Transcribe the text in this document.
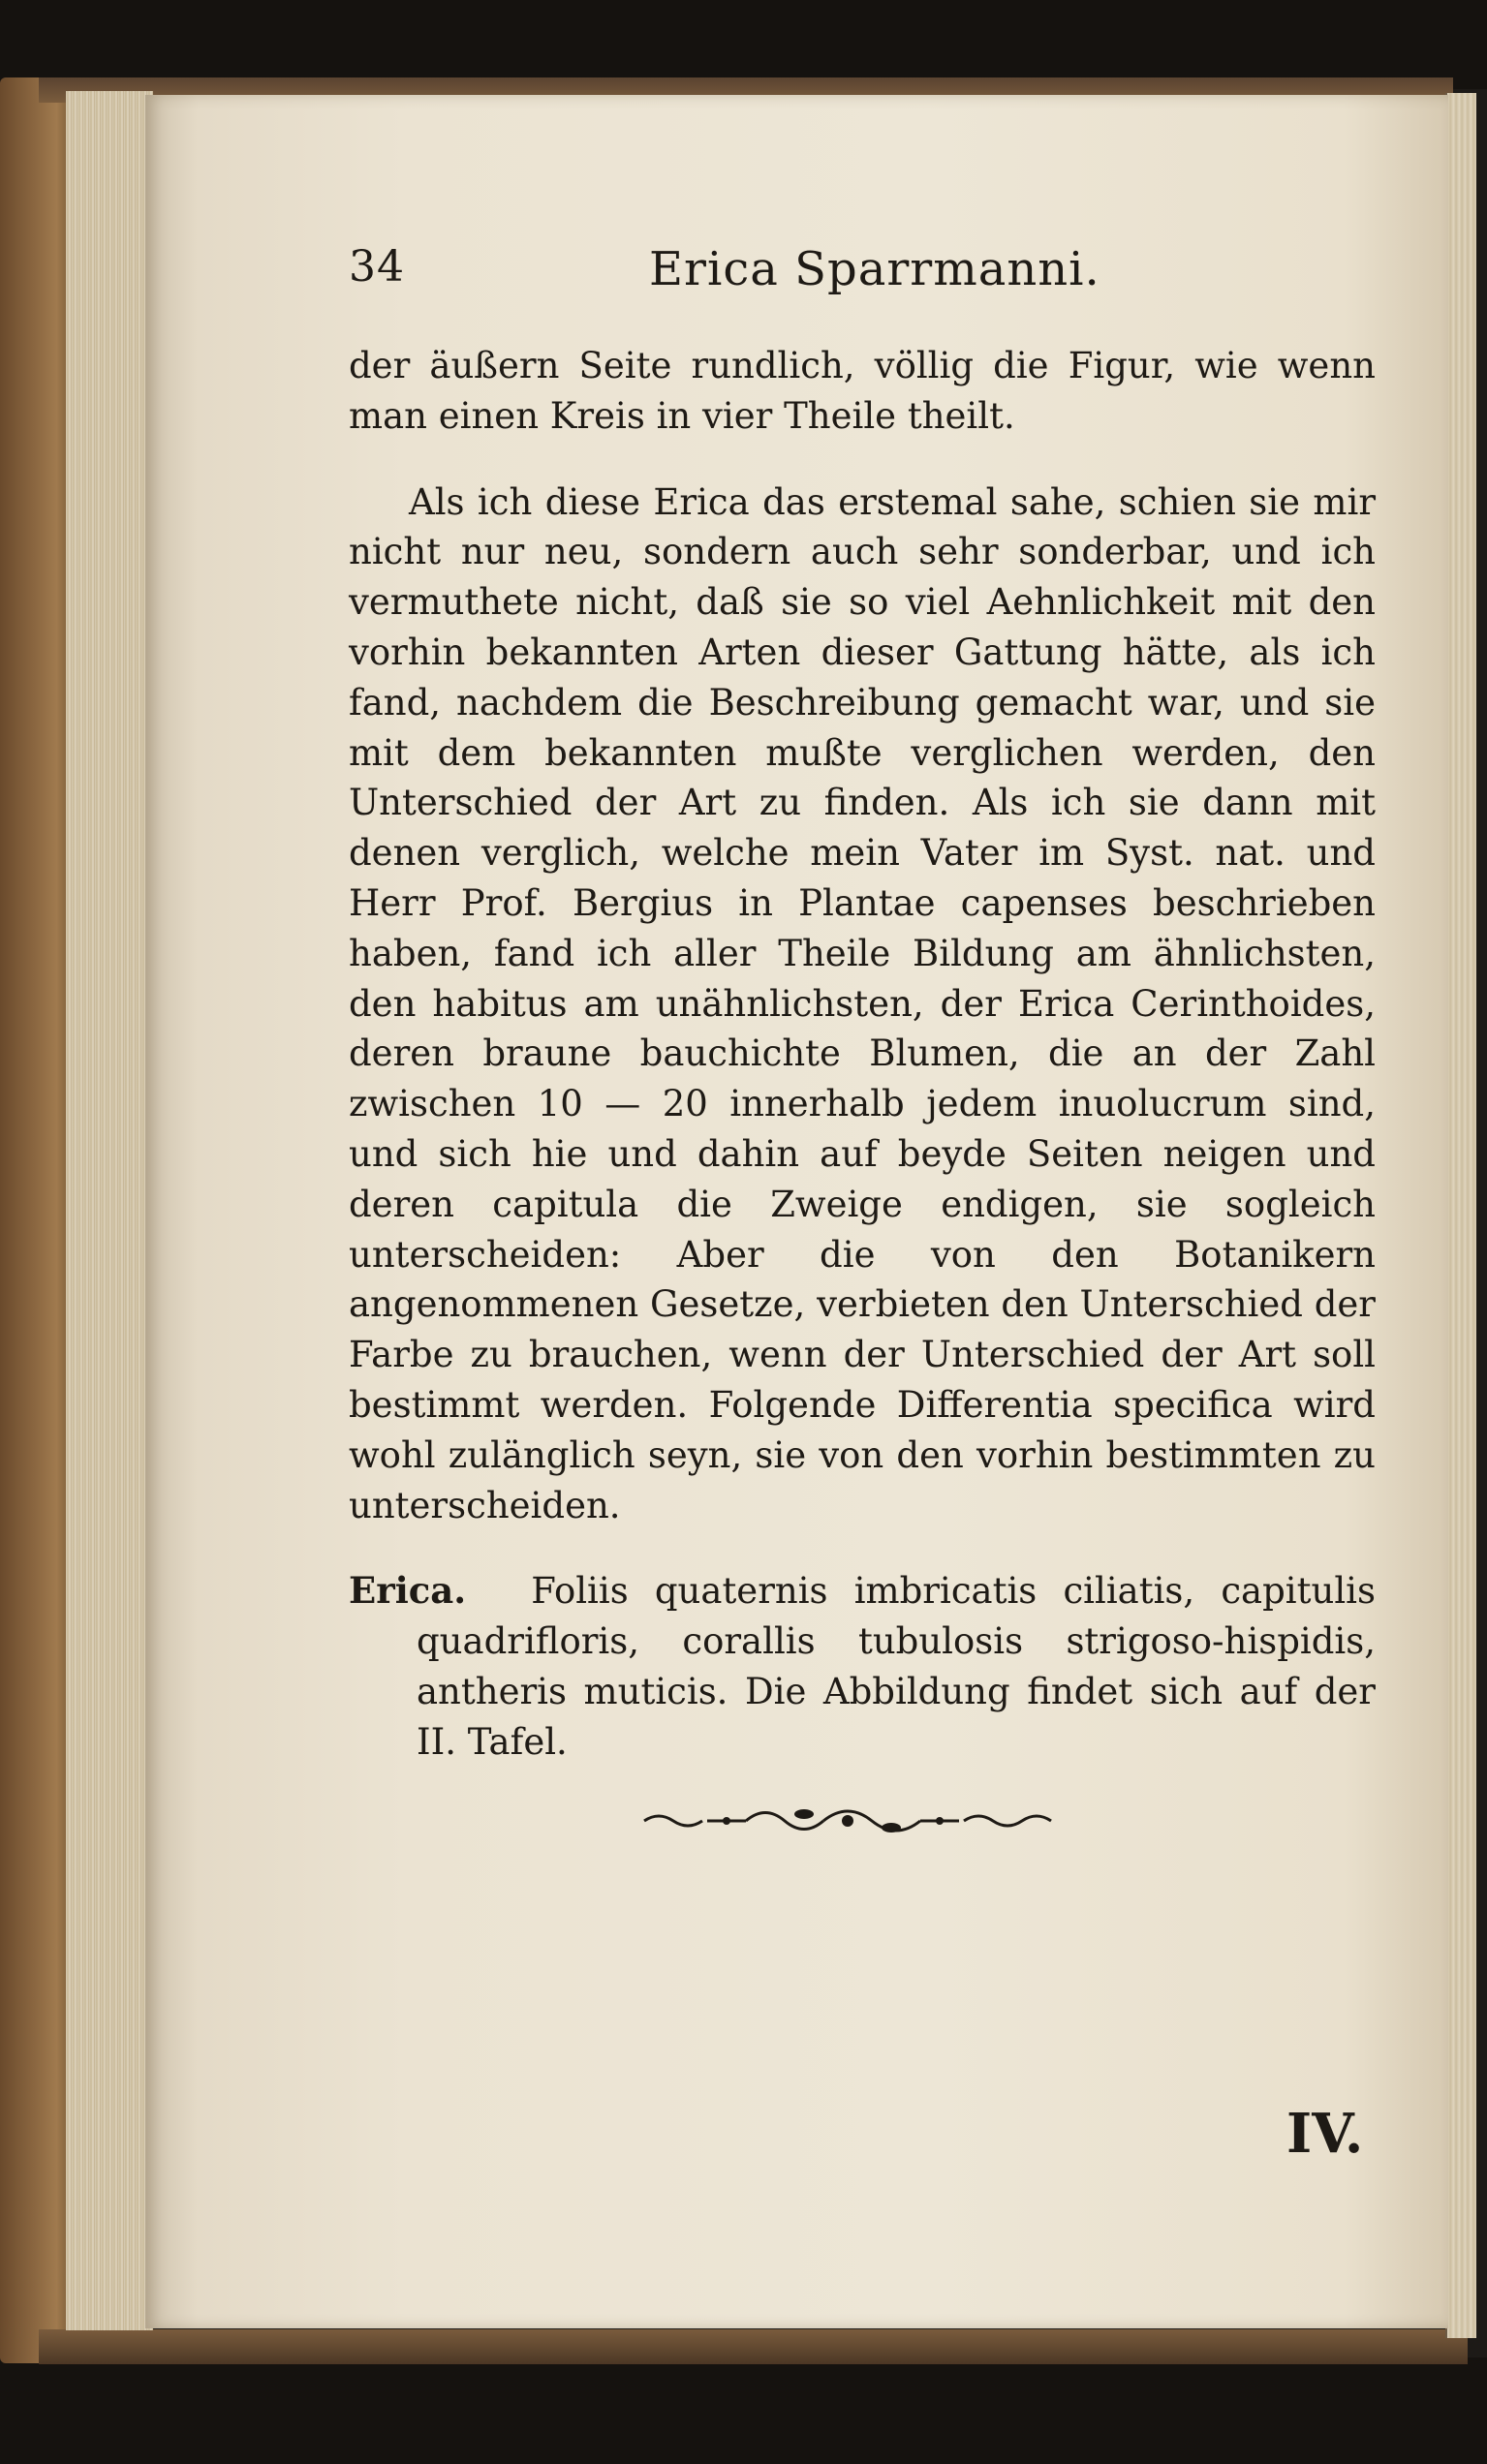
34	Erica Sparrmanni.

der äußern Seite rundlich, völlig die Figur, wie wenn man einen Kreis in vier Theile theilt.

Als ich diese Erica das erstemal sahe, schien sie mir nicht nur neu, sondern auch sehr sonderbar, und ich vermuthete nicht, daß sie so viel Aehnlichkeit mit den vorhin bekannten Arten dieser Gattung hätte, als ich fand, nachdem die Beschreibung gemacht war, und sie mit dem bekannten mußte verglichen werden, den Unterschied der Art zu finden. Als ich sie dann mit denen verglich, welche mein Vater im Syst. nat. und Herr Prof. Bergius in Plantae capenses beschrieben haben, fand ich aller Theile Bildung am ähnlichsten, den habitus am unähnlichsten, der Erica Cerinthoides, deren braune bauchichte Blumen, die an der Zahl zwischen 10 — 20 innerhalb jedem inuolucrum sind, und sich hie und dahin auf beyde Seiten neigen und deren capitula die Zweige endigen, sie sogleich unterscheiden: Aber die von den Botanikern angenommenen Gesetze, verbieten den Unterschied der Farbe zu brauchen, wenn der Unterschied der Art soll bestimmt werden. Folgende Differentia specifica wird wohl zulänglich seyn, sie von den vorhin bestimmten zu unterscheiden.

Erica. Foliis quaternis imbricatis ciliatis, capitulis quadrifloris, corallis tubulosis strigoso-hispidis, antheris muticis. Die Abbildung findet sich auf der II. Tafel.

IV.
